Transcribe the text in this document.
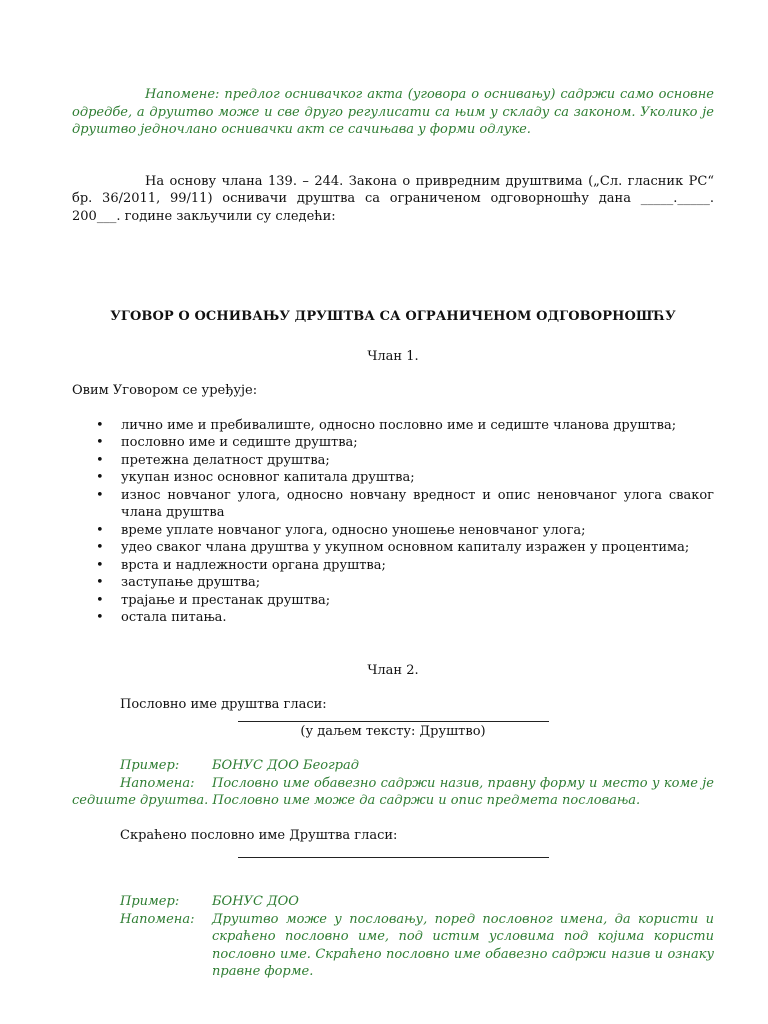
Напомене: предлог оснивачког акта (уговора о оснивању) садржи само основне одредбе, а друштво може и све друго регулисати са њим у складу са законом. Уколико је друштво једночлано оснивачки акт се сачињава у форми одлуке.

На основу члана 139. – 244. Закона о привредним друштвима („Сл. гласник РС“ бр. 36/2011, 99/11) оснивачи друштва са ограниченом одговорношћу дана _____._____. 200___. године закључили су следећи:

УГОВОР О ОСНИВАЊУ ДРУШТВА СА ОГРАНИЧЕНОМ ОДГОВОРНОШЋУ

Члан 1.

Овим Уговором се уређује:

• лично име и пребивалиште, односно пословно име и седиште чланова друштва;
• пословно име и седиште друштва;
• претежна делатност друштва;
• укупан износ основног капитала друштва;
• износ новчаног улога, односно новчану вредност и опис неновчаног улога сваког члана друштва
• време уплате новчаног улога, односно уношење неновчаног улога;
• удео сваког члана друштва у укупном основном капиталу изражен у процентима;
• врста и надлежности органа друштва;
• заступање друштва;
• трајање и престанак друштва;
• остала питања.

Члан 2.

Пословно име друштва гласи:

(у даљем тексту: Друштво)

Пример:	БОНУС ДОО Београд

Напомена: Пословно име обавезно садржи назив, правну форму и место у коме је седиште друштва. Пословно име може да садржи и опис предмета пословања.

Скраћено пословно име Друштва гласи:

Пример:	БОНУС ДОО
Напомена:	Друштво може у пословању, поред пословног имена, да користи и скраћено пословно име, под истим условима под којима користи пословно име. Скраћено пословно име обавезно садржи назив и ознаку правне форме.
